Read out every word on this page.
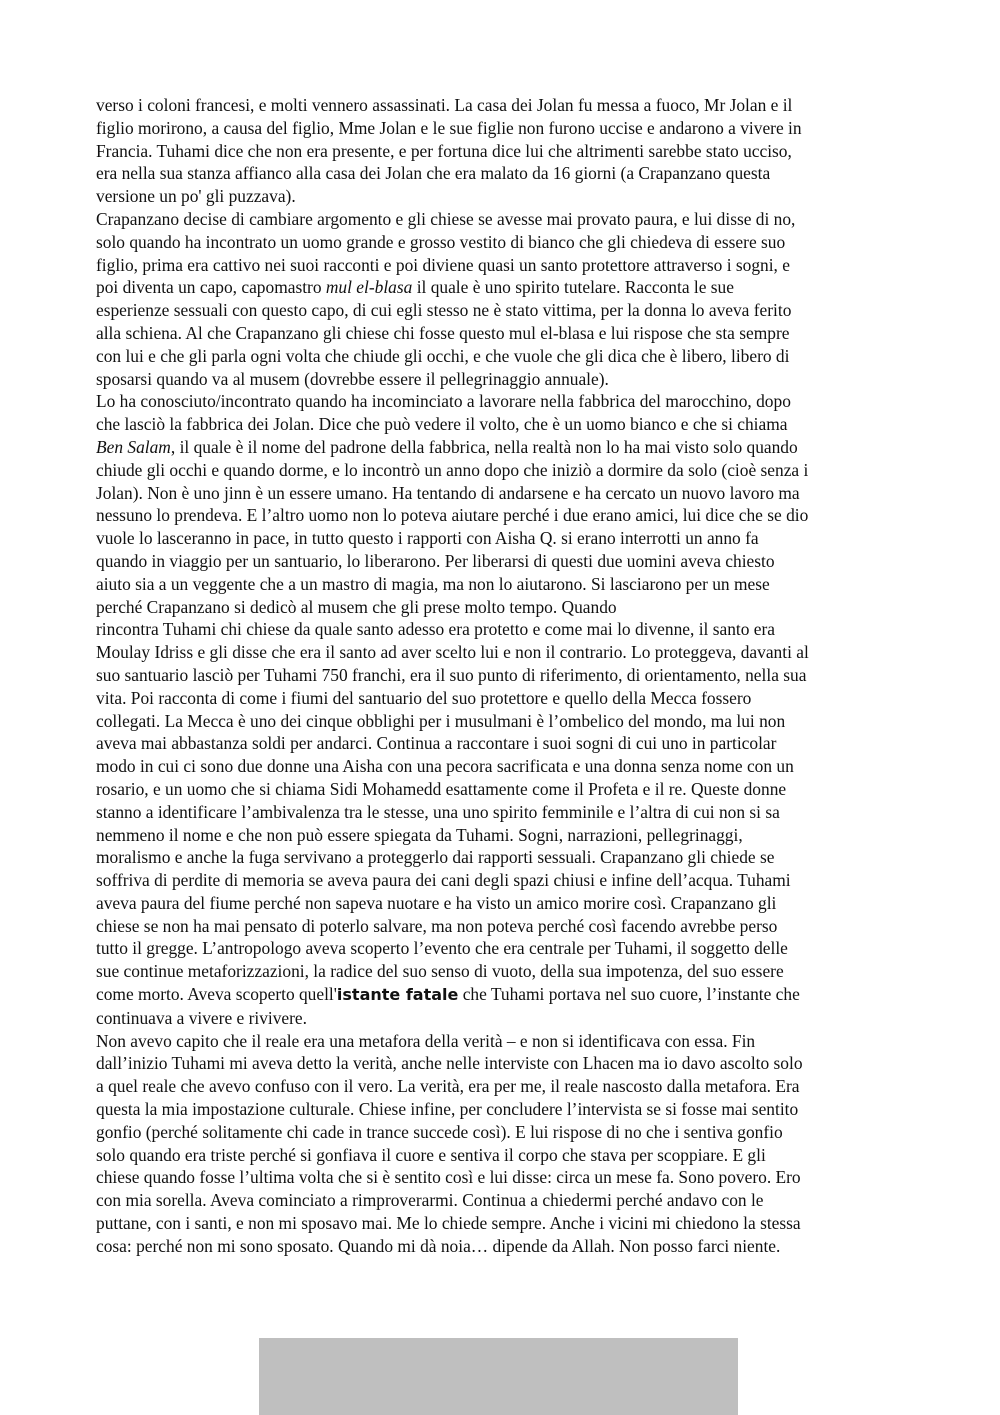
verso i coloni francesi, e molti vennero assassinati. La casa dei Jolan fu messa a fuoco, Mr Jolan e il
figlio morirono, a causa del figlio, Mme Jolan e le sue figlie non furono uccise e andarono a vivere in
Francia. Tuhami dice che non era presente, e per fortuna dice lui che altrimenti sarebbe stato ucciso,
era nella sua stanza affianco alla casa dei Jolan che era malato da 16 giorni (a Crapanzano questa
versione un po' gli puzzava).
Crapanzano decise di cambiare argomento e gli chiese se avesse mai provato paura, e lui disse di no,
solo quando ha incontrato un uomo grande e grosso vestito di bianco che gli chiedeva di essere suo
figlio, prima era cattivo nei suoi racconti e poi diviene quasi un santo protettore attraverso i sogni, e
poi diventa un capo, capomastro mul el-blasa il quale è uno spirito tutelare. Racconta le sue
esperienze sessuali con questo capo, di cui egli stesso ne è stato vittima, per la donna lo aveva ferito
alla schiena. Al che Crapanzano gli chiese chi fosse questo mul el-blasa e lui rispose che sta sempre
con lui e che gli parla ogni volta che chiude gli occhi, e che vuole che gli dica che è libero, libero di
sposarsi quando va al musem (dovrebbe essere il pellegrinaggio annuale).
Lo ha conosciuto/incontrato quando ha incominciato a lavorare nella fabbrica del marocchino, dopo
che lasciò la fabbrica dei Jolan. Dice che può vedere il volto, che è un uomo bianco e che si chiama
Ben Salam, il quale è il nome del padrone della fabbrica, nella realtà non lo ha mai visto solo quando
chiude gli occhi e quando dorme, e lo incontrò un anno dopo che iniziò a dormire da solo (cioè senza i
Jolan). Non è uno jinn è un essere umano. Ha tentando di andarsene e ha cercato un nuovo lavoro ma
nessuno lo prendeva. E l’altro uomo non lo poteva aiutare perché i due erano amici, lui dice che se dio
vuole lo lasceranno in pace, in tutto questo i rapporti con Aisha Q. si erano interrotti un anno fa
quando in viaggio per un santuario, lo liberarono. Per liberarsi di questi due uomini aveva chiesto
aiuto sia a un veggente che a un mastro di magia, ma non lo aiutarono. Si lasciarono per un mese
perché Crapanzano si dedicò al musem che gli prese molto tempo. Quando
rincontra Tuhami chi chiese da quale santo adesso era protetto e come mai lo divenne, il santo era
Moulay Idriss e gli disse che era il santo ad aver scelto lui e non il contrario. Lo proteggeva, davanti al
suo santuario lasciò per Tuhami 750 franchi, era il suo punto di riferimento, di orientamento, nella sua
vita. Poi racconta di come i fiumi del santuario del suo protettore e quello della Mecca fossero
collegati. La Mecca è uno dei cinque obblighi per i musulmani è l’ombelico del mondo, ma lui non
aveva mai abbastanza soldi per andarci. Continua a raccontare i suoi sogni di cui uno in particolar
modo in cui ci sono due donne una Aisha con una pecora sacrificata e una donna senza nome con un
rosario, e un uomo che si chiama Sidi Mohamedd esattamente come il Profeta e il re. Queste donne
stanno a identificare l’ambivalenza tra le stesse, una uno spirito femminile e l’altra di cui non si sa
nemmeno il nome e che non può essere spiegata da Tuhami. Sogni, narrazioni, pellegrinaggi,
moralismo e anche la fuga servivano a proteggerlo dai rapporti sessuali. Crapanzano gli chiede se
soffriva di perdite di memoria se aveva paura dei cani degli spazi chiusi e infine dell’acqua. Tuhami
aveva paura del fiume perché non sapeva nuotare e ha visto un amico morire così. Crapanzano gli
chiese se non ha mai pensato di poterlo salvare, ma non poteva perché così facendo avrebbe perso
tutto il gregge. L’antropologo aveva scoperto l’evento che era centrale per Tuhami, il soggetto delle
sue continue metaforizzazioni, la radice del suo senso di vuoto, della sua impotenza, del suo essere
come morto. Aveva scoperto quell'istante fatale che Tuhami portava nel suo cuore, l’instante che
continuava a vivere e rivivere.
Non avevo capito che il reale era una metafora della verità – e non si identificava con essa. Fin
dall’inizio Tuhami mi aveva detto la verità, anche nelle interviste con Lhacen ma io davo ascolto solo
a quel reale che avevo confuso con il vero. La verità, era per me, il reale nascosto dalla metafora. Era
questa la mia impostazione culturale. Chiese infine, per concludere l’intervista se si fosse mai sentito
gonfio (perché solitamente chi cade in trance succede così). E lui rispose di no che i sentiva gonfio
solo quando era triste perché si gonfiava il cuore e sentiva il corpo che stava per scoppiare. E gli
chiese quando fosse l’ultima volta che si è sentito così e lui disse: circa un mese fa. Sono povero. Ero
con mia sorella. Aveva cominciato a rimproverarmi. Continua a chiedermi perché andavo con le
puttane, con i santi, e non mi sposavo mai. Me lo chiede sempre. Anche i vicini mi chiedono la stessa
cosa: perché non mi sono sposato. Quando mi dà noia… dipende da Allah. Non posso farci niente.
